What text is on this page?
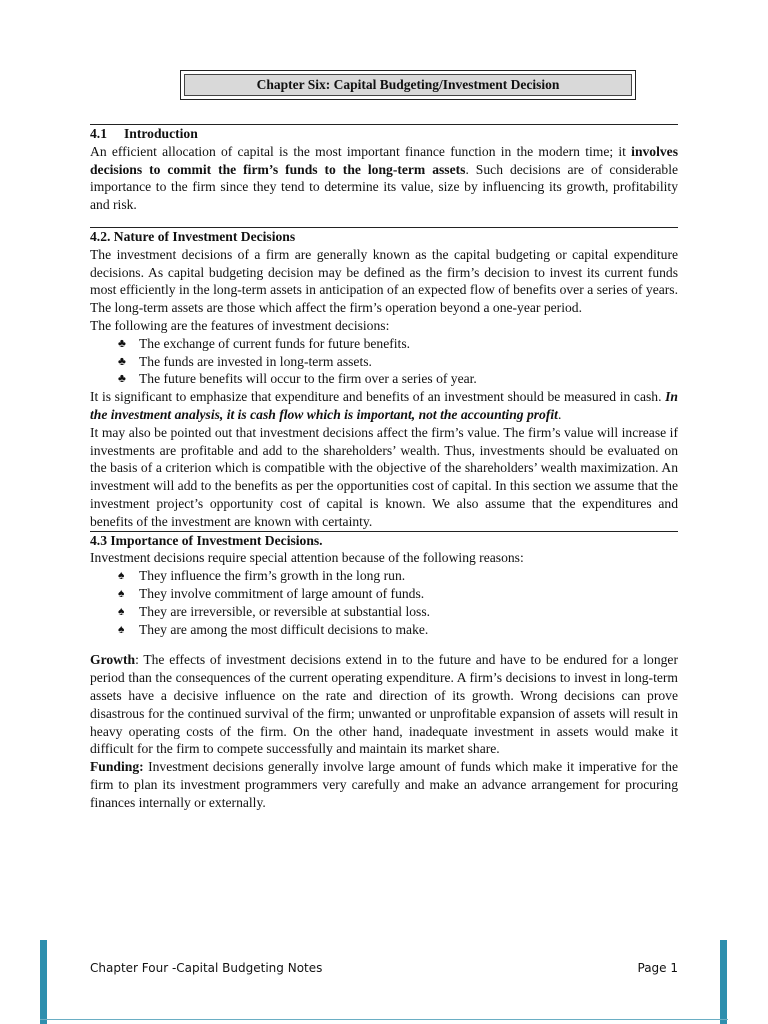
Chapter Six: Capital Budgeting/Investment Decision
4.1 Introduction

An efficient allocation of capital is the most important finance function in the modern time; it involves decisions to commit the firm’s funds to the long-term assets. Such decisions are of considerable importance to the firm since they tend to determine its value, size by influencing its growth, profitability and risk.

4.2. Nature of Investment Decisions

The investment decisions of a firm are generally known as the capital budgeting or capital expenditure decisions. As capital budgeting decision may be defined as the firm’s decision to invest its current funds most efficiently in the long-term assets in anticipation of an expected flow of benefits over a series of years. The long-term assets are those which affect the firm’s operation beyond a one-year period.

The following are the features of investment decisions:

♣ The exchange of current funds for future benefits.
♣ The funds are invested in long-term assets.
♣ The future benefits will occur to the firm over a series of year.

It is significant to emphasize that expenditure and benefits of an investment should be measured in cash. In the investment analysis, it is cash flow which is important, not the accounting profit.

It may also be pointed out that investment decisions affect the firm’s value. The firm’s value will increase if investments are profitable and add to the shareholders’ wealth. Thus, investments should be evaluated on the basis of a criterion which is compatible with the objective of the shareholders’ wealth maximization. An investment will add to the benefits as per the opportunities cost of capital. In this section we assume that the investment project’s opportunity cost of capital is known. We also assume that the expenditures and benefits of the investment are known with certainty.

4.3 Importance of Investment Decisions.

Investment decisions require special attention because of the following reasons:

♠ They influence the firm’s growth in the long run.
♠ They involve commitment of large amount of funds.
♠ They are irreversible, or reversible at substantial loss.
♠ They are among the most difficult decisions to make.

Growth: The effects of investment decisions extend in to the future and have to be endured for a longer period than the consequences of the current operating expenditure. A firm’s decisions to invest in long-term assets have a decisive influence on the rate and direction of its growth. Wrong decisions can prove disastrous for the continued survival of the firm; unwanted or unprofitable expansion of assets will result in heavy operating costs of the firm. On the other hand, inadequate investment in assets would make it difficult for the firm to compete successfully and maintain its market share.

Funding: Investment decisions generally involve large amount of funds which make it imperative for the firm to plan its investment programmers very carefully and make an advance arrangement for procuring finances internally or externally.

Chapter Four -Capital Budgeting Notes	Page 1
